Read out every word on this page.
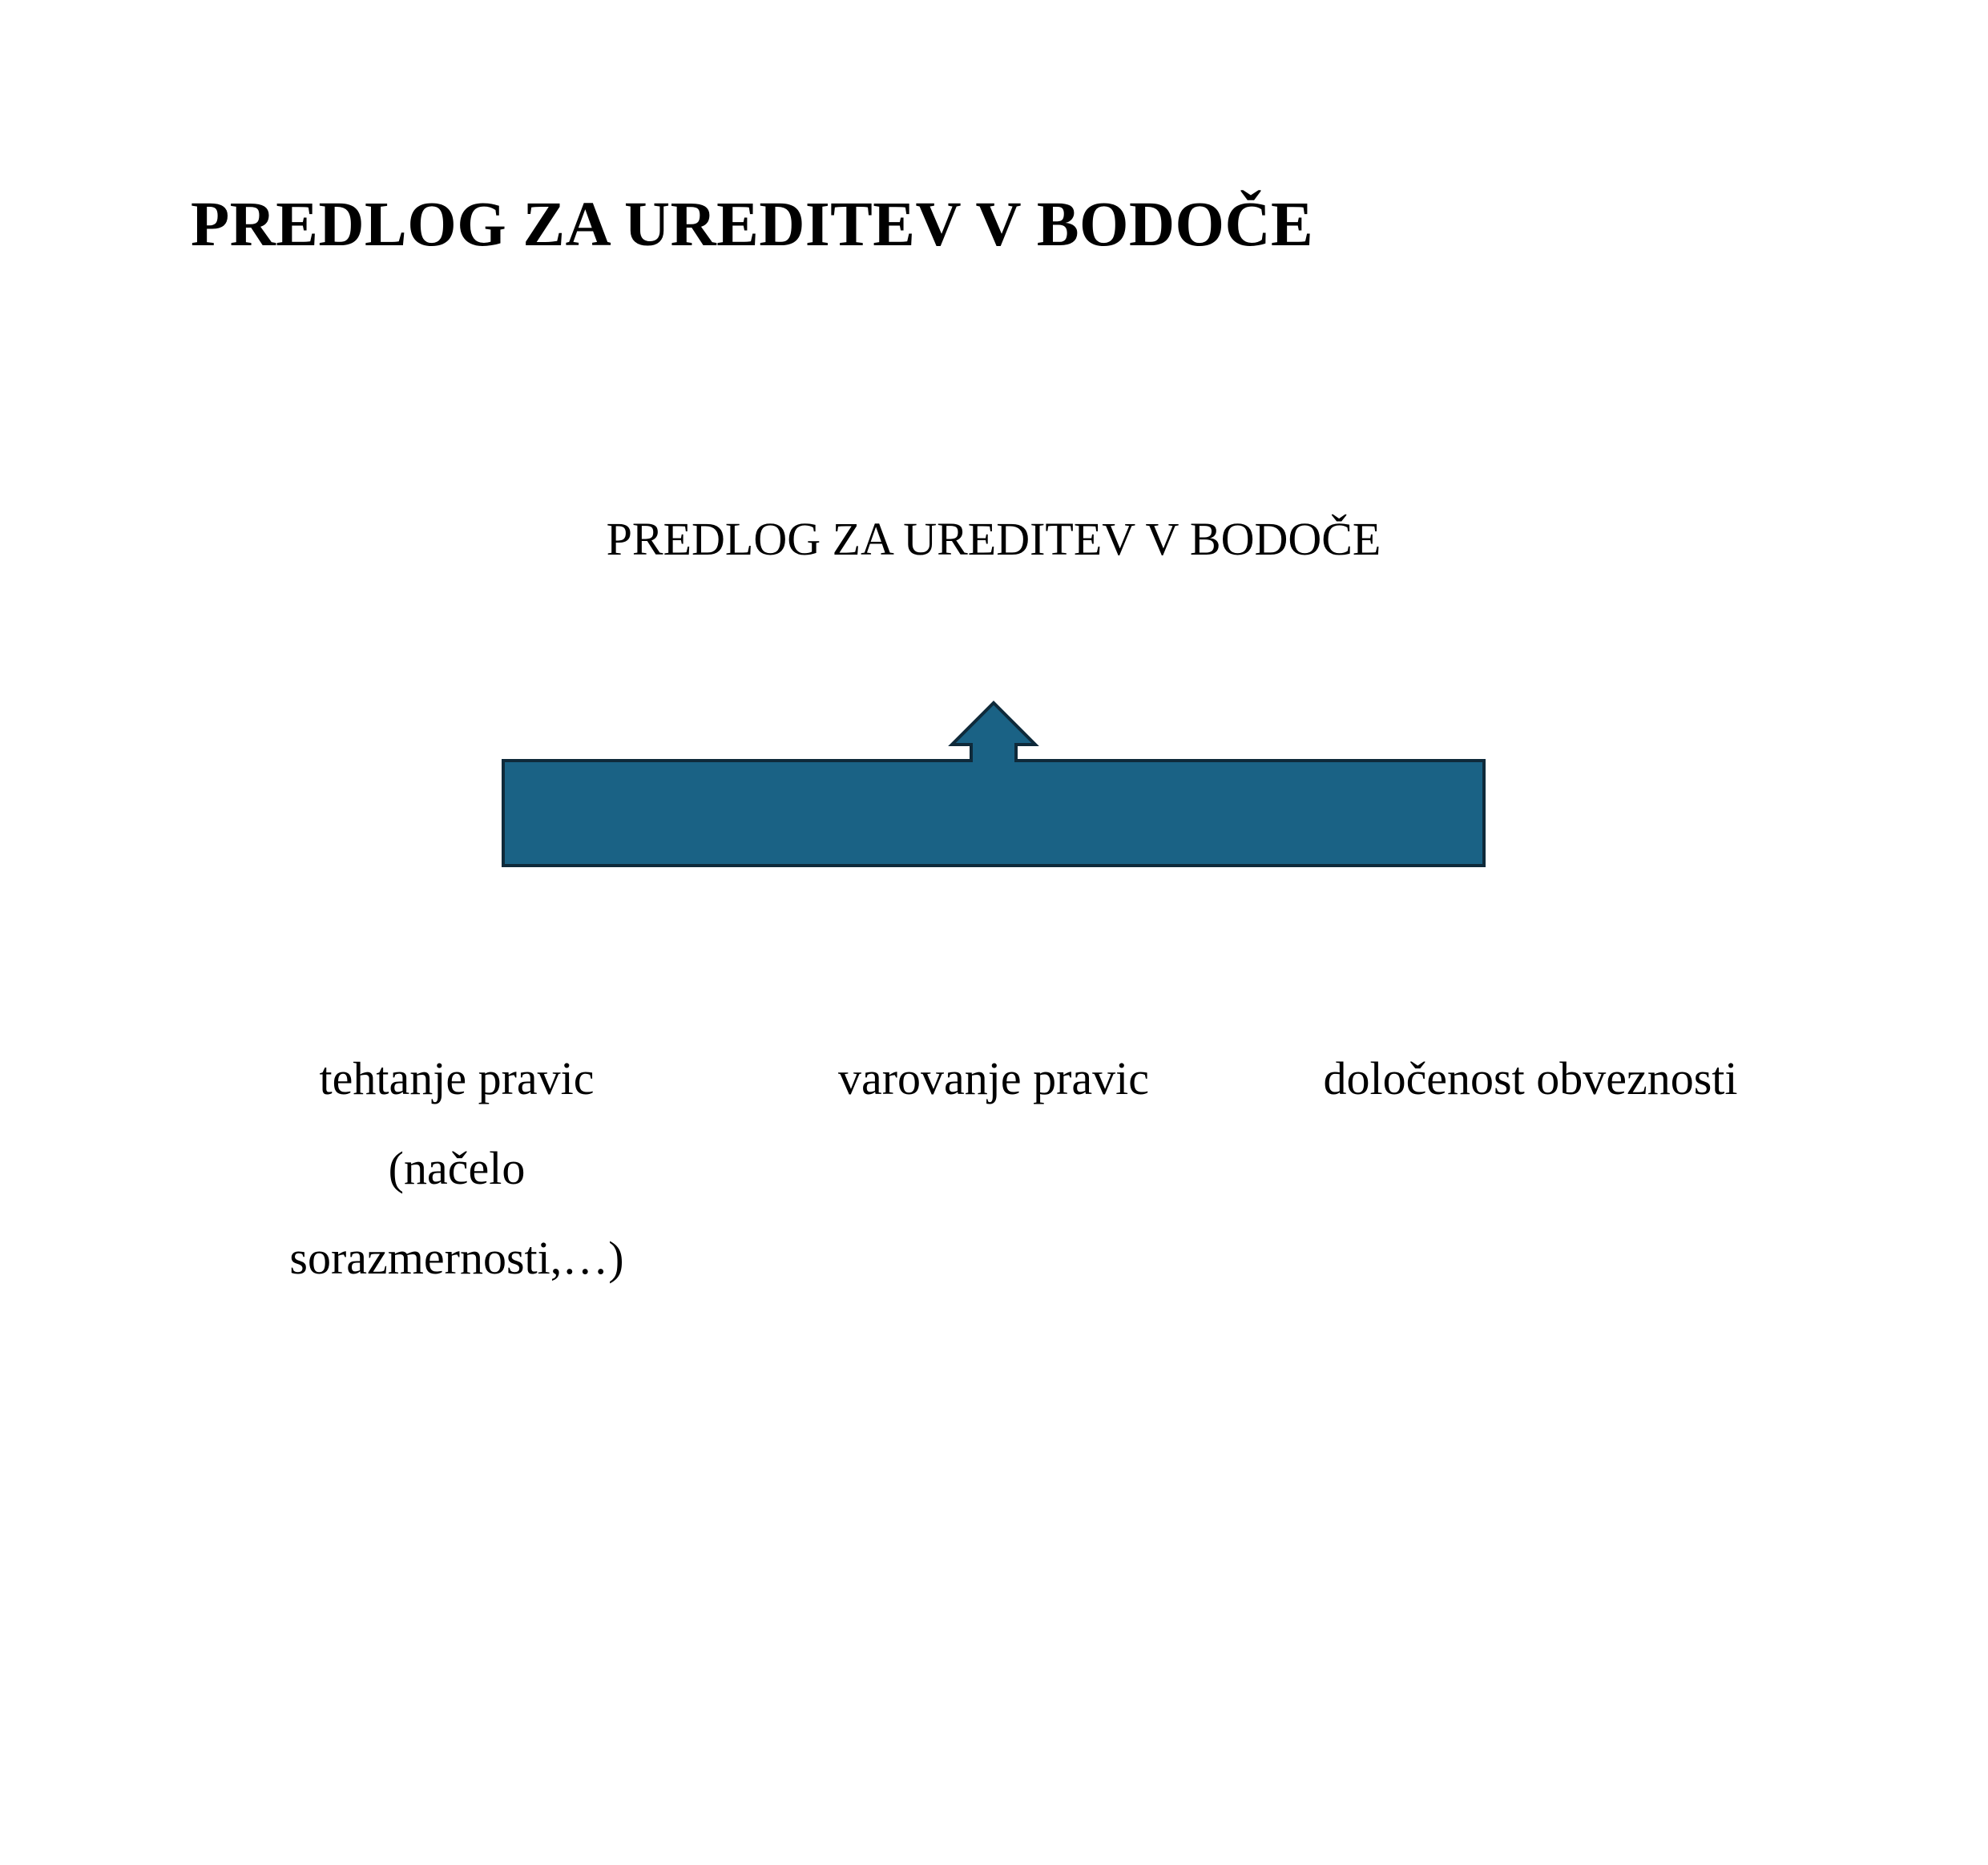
PREDLOG ZA UREDITEV V BODOČE
PREDLOG ZA UREDITEV V BODOČE
tehtanje pravic
(načelo
sorazmernosti,…)
varovanje pravic	določenost obveznosti
